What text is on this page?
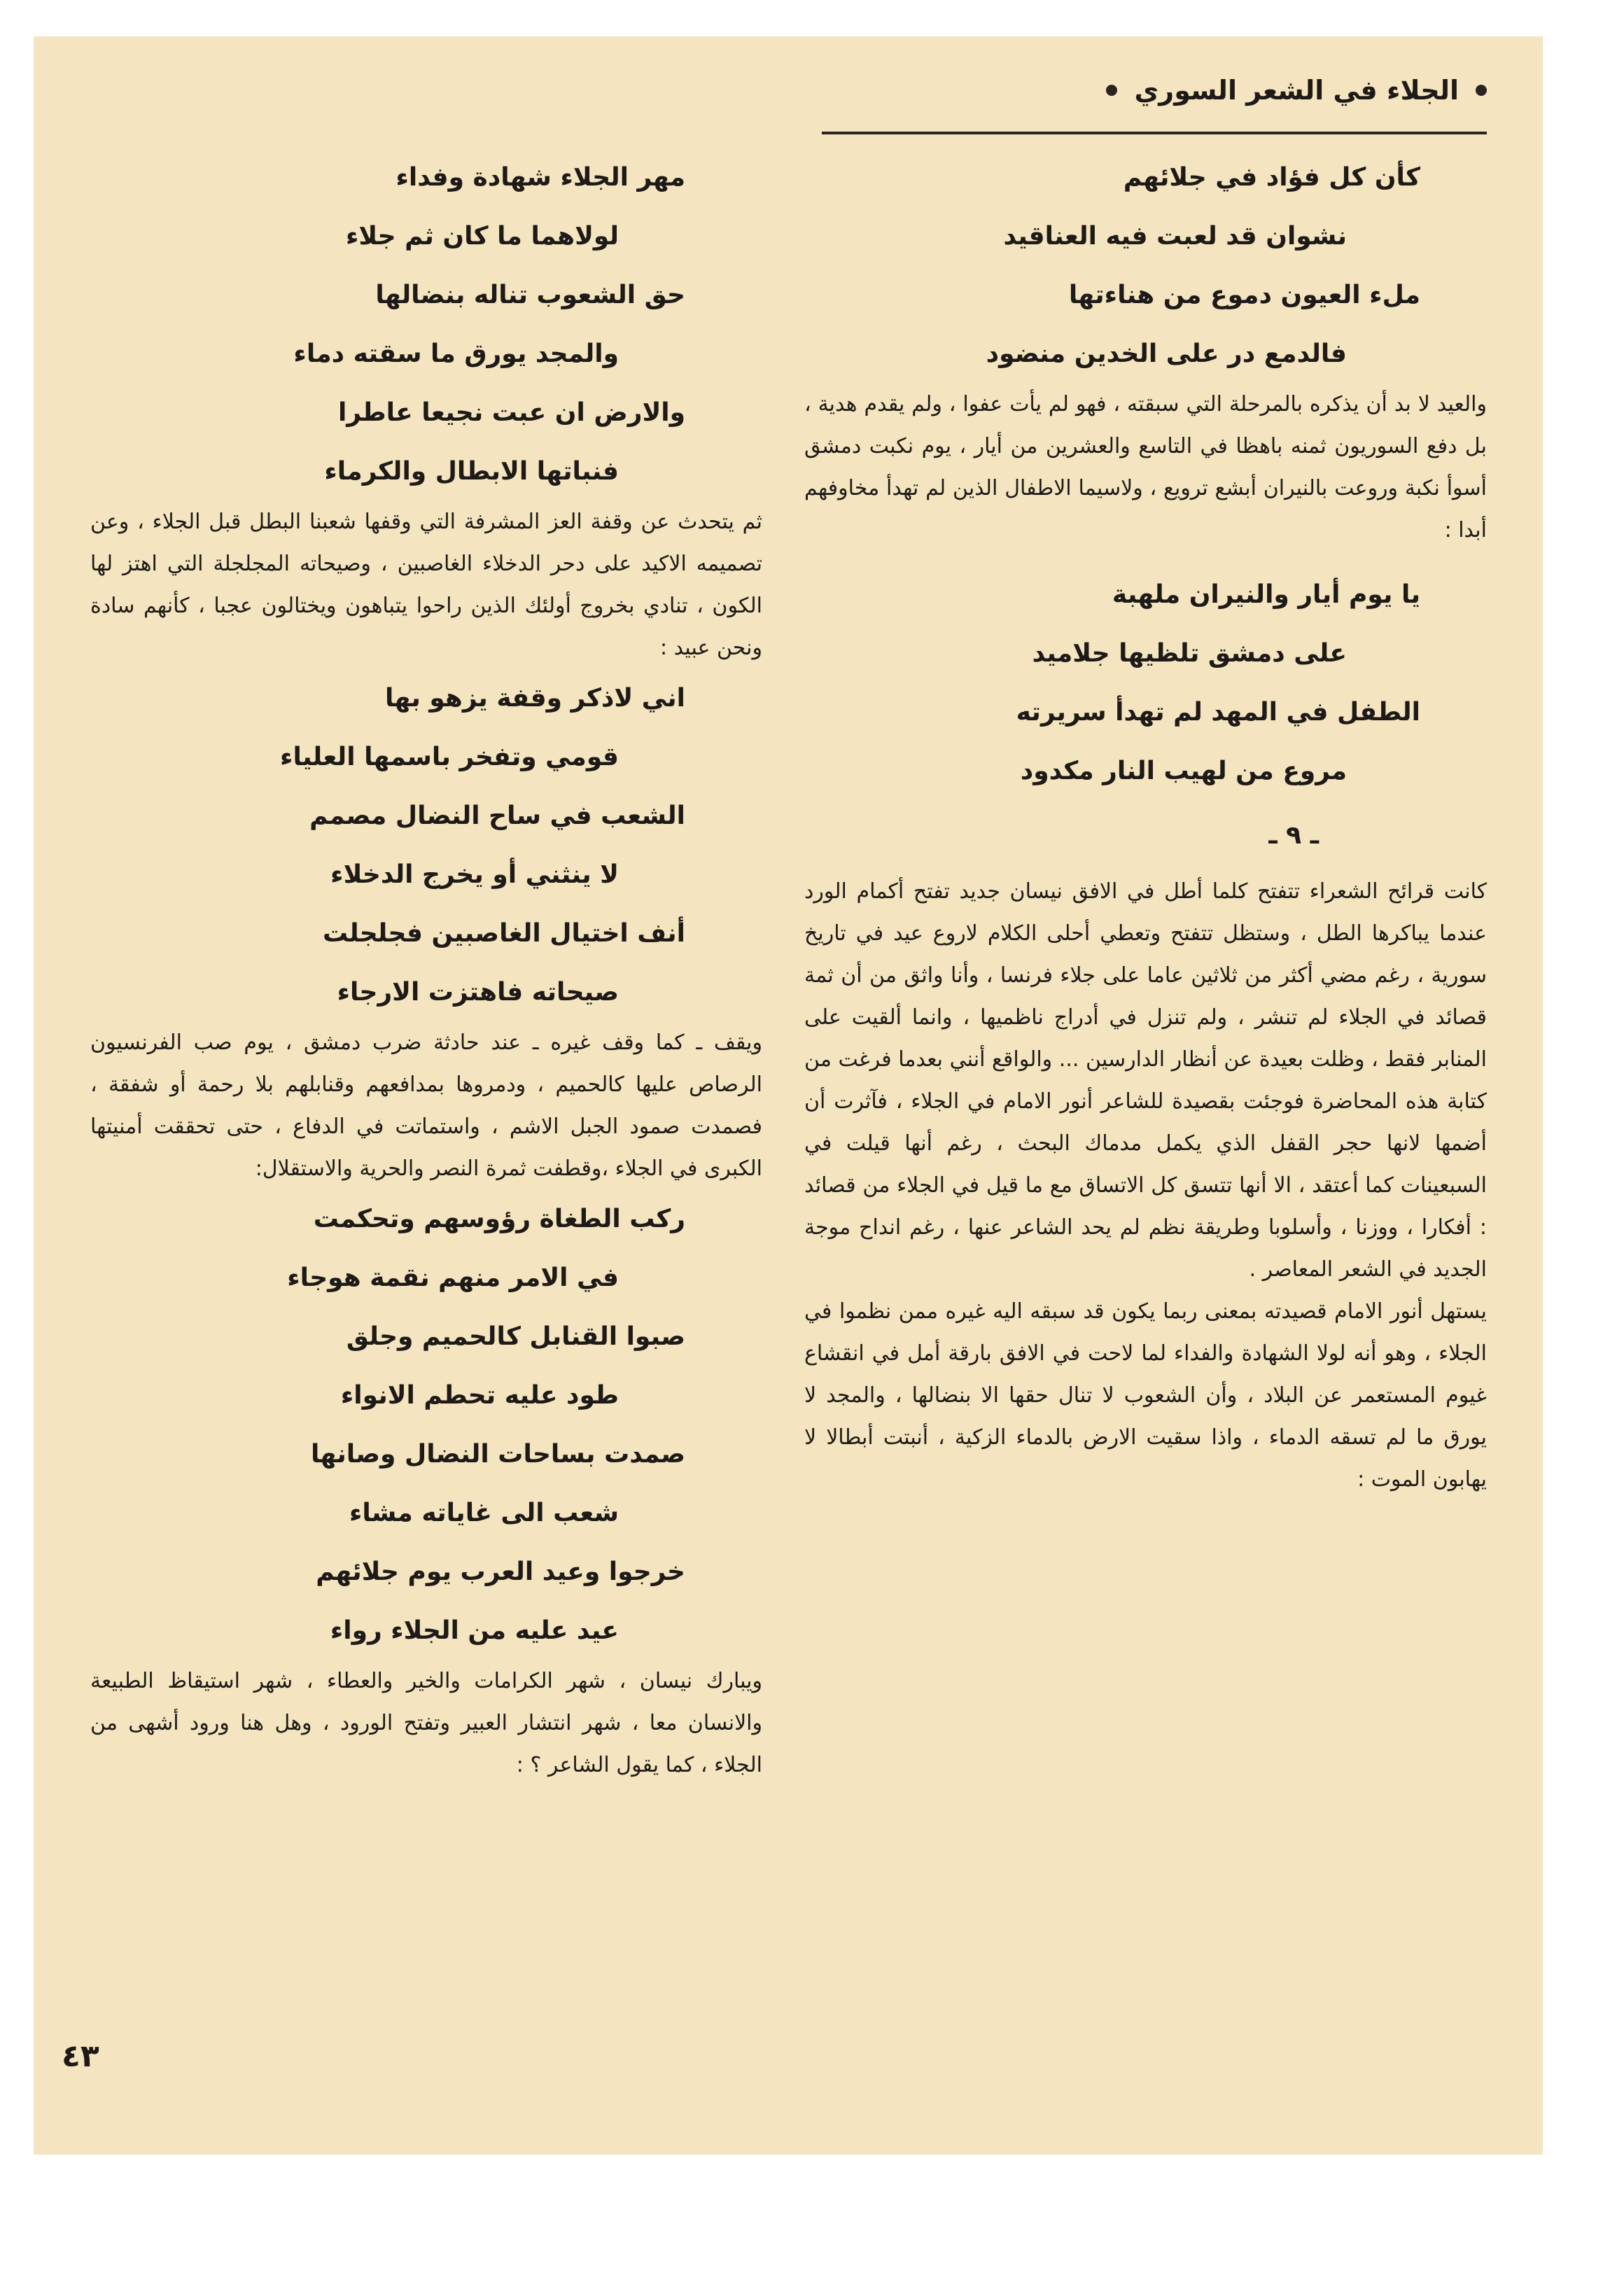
الجلاء في الشعر السوري
كأن كل فؤاد في جلائهم
نشوان قد لعبت فيه العناقيد
ملء العيون دموع من هناءتها
فالدمع در على الخدين منضود

والعيد لا بد أن يذكره بالمرحلة التي سبقته ، فهو لم يأت عفوا ، ولم يقدم هدية ، بل دفع السوريون ثمنه باهظا في التاسع والعشرين من أيار ، يوم نكبت دمشق أسوأ نكبة وروعت بالنيران أبشع ترويع ، ولاسيما الاطفال الذين لم تهدأ مخاوفهم أبدا :

يا يوم أيار والنيران ملهبة
على دمشق تلظيها جلاميد
الطفل في المهد لم تهدأ سريرته
مروع من لهيب النار مكدود
ـ ٩ ـ

كانت قرائح الشعراء تتفتح كلما أطل في الافق نيسان جديد تفتح أكمام الورد عندما يباكرها الطل ، وستظل تتفتح وتعطي أحلى الكلام لاروع عيد في تاريخ سورية ، رغم مضي أكثر من ثلاثين عاما على جلاء فرنسا ، وأنا واثق من أن ثمة قصائد في الجلاء لم تنشر ، ولم تنزل في أدراج ناظميها ، وانما ألقيت على المنابر فقط ، وظلت بعيدة عن أنظار الدارسين ... والواقع أنني بعدما فرغت من كتابة هذه المحاضرة فوجئت بقصيدة للشاعر أنور الامام في الجلاء ، فآثرت أن أضمها لانها حجر القفل الذي يكمل مدماك البحث ، رغم أنها قيلت في السبعينات كما أعتقد ، الا أنها تتسق كل الاتساق مع ما قيل في الجلاء من قصائد : أفكارا ، ووزنا ، وأسلوبا وطريقة نظم لم يحد الشاعر عنها ، رغم انداح موجة الجديد في الشعر المعاصر .

يستهل أنور الامام قصيدته بمعنى ربما يكون قد سبقه اليه غيره ممن نظموا في الجلاء ، وهو أنه لولا الشهادة والفداء لما لاحت في الافق بارقة أمل في انقشاع غيوم المستعمر عن البلاد ، وأن الشعوب لا تنال حقها الا بنضالها ، والمجد لا يورق ما لم تسقه الدماء ، واذا سقيت الارض بالدماء الزكية ، أنبتت أبطالا لا يهابون الموت :

مهر الجلاء شهادة وفداء
لولاهما ما كان ثم جلاء
حق الشعوب تناله بنضالها
والمجد يورق ما سقته دماء
والارض ان عبت نجيعا عاطرا
فنباتها الابطال والكرماء

ثم يتحدث عن وقفة العز المشرفة التي وقفها شعبنا البطل قبل الجلاء ، وعن تصميمه الاكيد على دحر الدخلاء الغاصبين ، وصيحاته المجلجلة التي اهتز لها الكون ، تنادي بخروج أولئك الذين راحوا يتباهون ويختالون عجبا ، كأنهم سادة ونحن عبيد :

اني لاذكر وقفة يزهو بها
قومي وتفخر باسمها العلياء
الشعب في ساح النضال مصمم
لا ينثني أو يخرج الدخلاء
أنف اختيال الغاصبين فجلجلت
صيحاته فاهتزت الارجاء

ويقف ـ كما وقف غيره ـ عند حادثة ضرب دمشق ، يوم صب الفرنسيون الرصاص عليها كالحميم ، ودمروها بمدافعهم وقنابلهم بلا رحمة أو شفقة ، فصمدت صمود الجبل الاشم ، واستماتت في الدفاع ، حتى تحققت أمنيتها الكبرى في الجلاء ،وقطفت ثمرة النصر والحرية والاستقلال:

ركب الطغاة رؤوسهم وتحكمت
في الامر منهم نقمة هوجاء
صبوا القنابل كالحميم وجلق
طود عليه تحطم الانواء
صمدت بساحات النضال وصانها
شعب الى غاياته مشاء
خرجوا وعيد العرب يوم جلائهم
عيد عليه من الجلاء رواء

ويبارك نيسان ، شهر الكرامات والخير والعطاء ، شهر استيقاظ الطبيعة والانسان معا ، شهر انتشار العبير وتفتح الورود ، وهل هنا ورود أشهى من الجلاء ، كما يقول الشاعر ؟ :

٤٣
